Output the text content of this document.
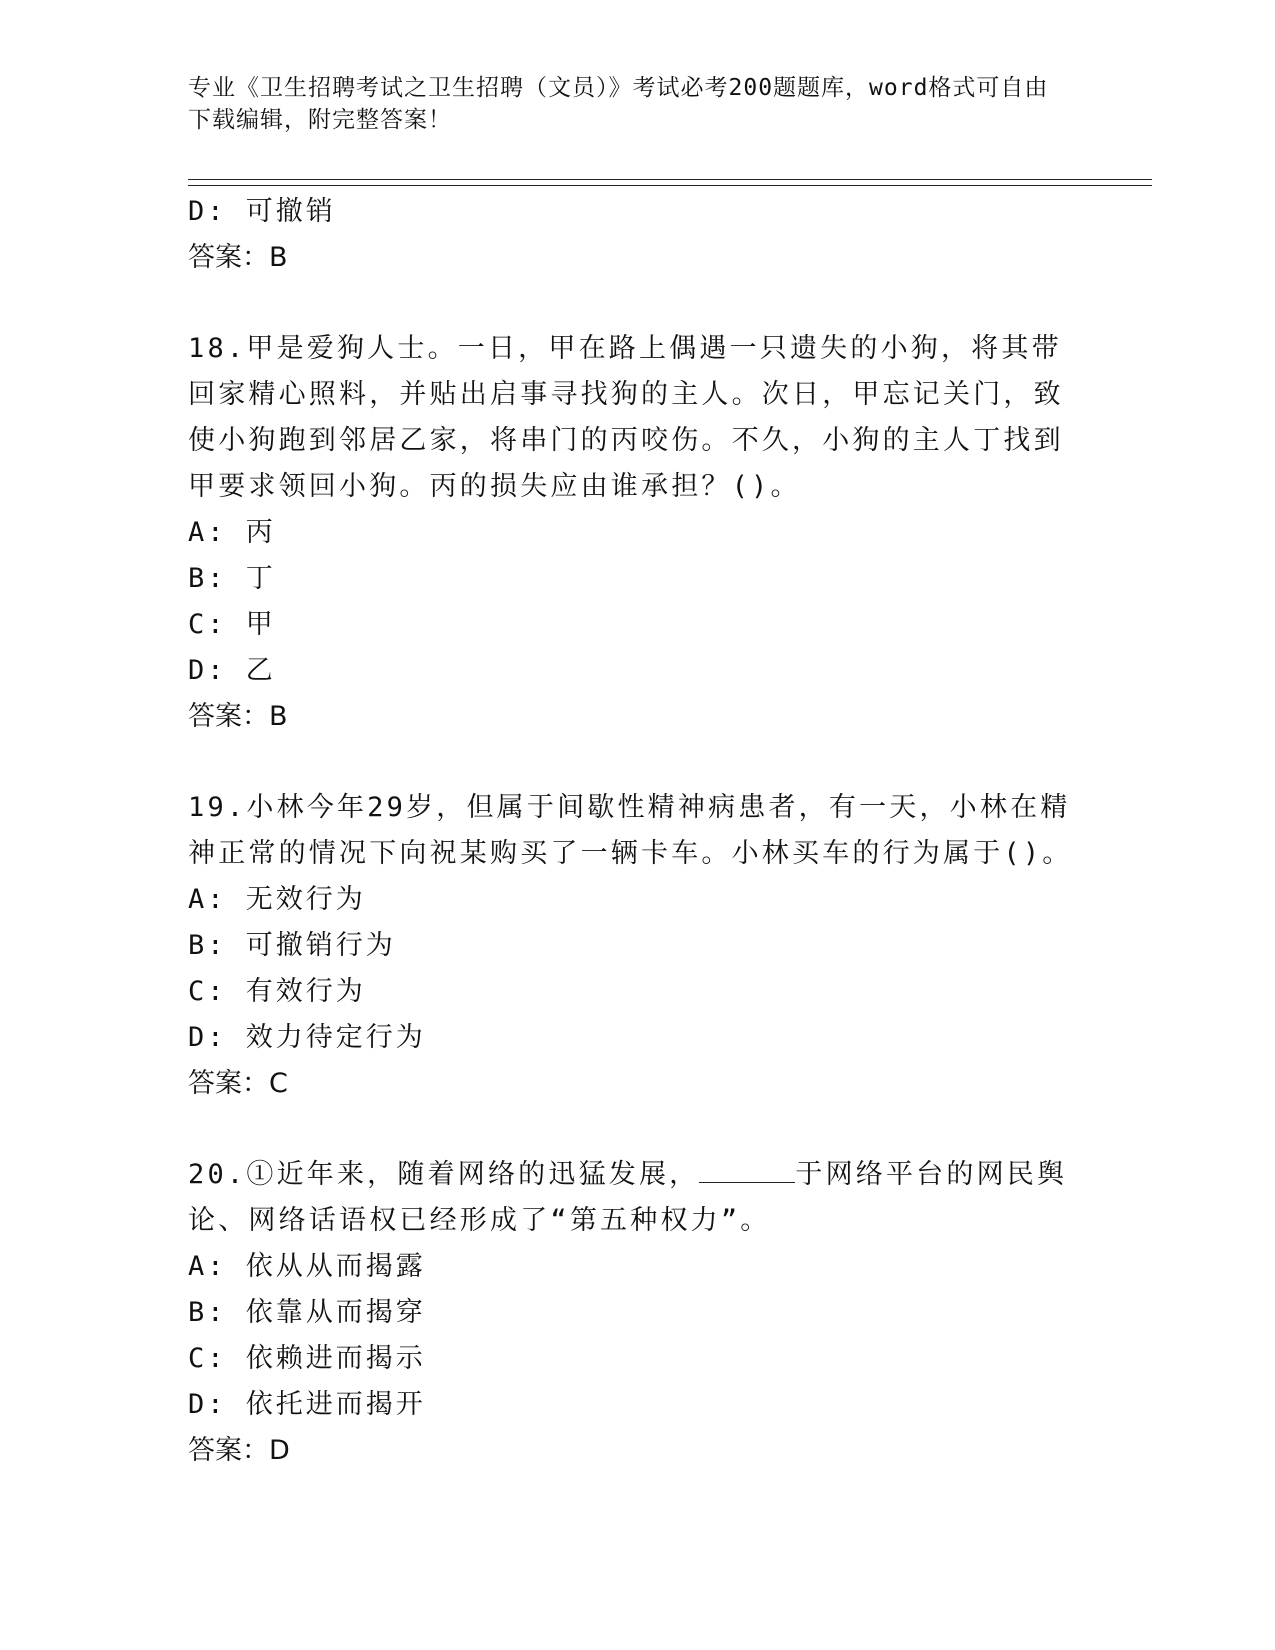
专业《卫生招聘考试之卫生招聘（文员）》考试必考200题题库，word格式可自由下载编辑，附完整答案！
D: 可撤销
答案：B
18.甲是爱狗人士。一日，甲在路上偶遇一只遗失的小狗，将其带回家精心照料，并贴出启事寻找狗的主人。次日，甲忘记关门，致使小狗跑到邻居乙家，将串门的丙咬伤。不久，小狗的主人丁找到甲要求领回小狗。丙的损失应由谁承担？()。
A: 丙
B: 丁
C: 甲
D: 乙
答案：B
19.小林今年29岁，但属于间歇性精神病患者，有一天，小林在精神正常的情况下向祝某购买了一辆卡车。小林买车的行为属于()。
A: 无效行为
B: 可撤销行为
C: 有效行为
D: 效力待定行为
答案：C
20.①近年来，随着网络的迅猛发展，	于网络平台的网民舆论、网络话语权已经形成了“第五种权力”。
A: 依从从而揭露
B: 依靠从而揭穿
C: 依赖进而揭示
D: 依托进而揭开
答案：D
